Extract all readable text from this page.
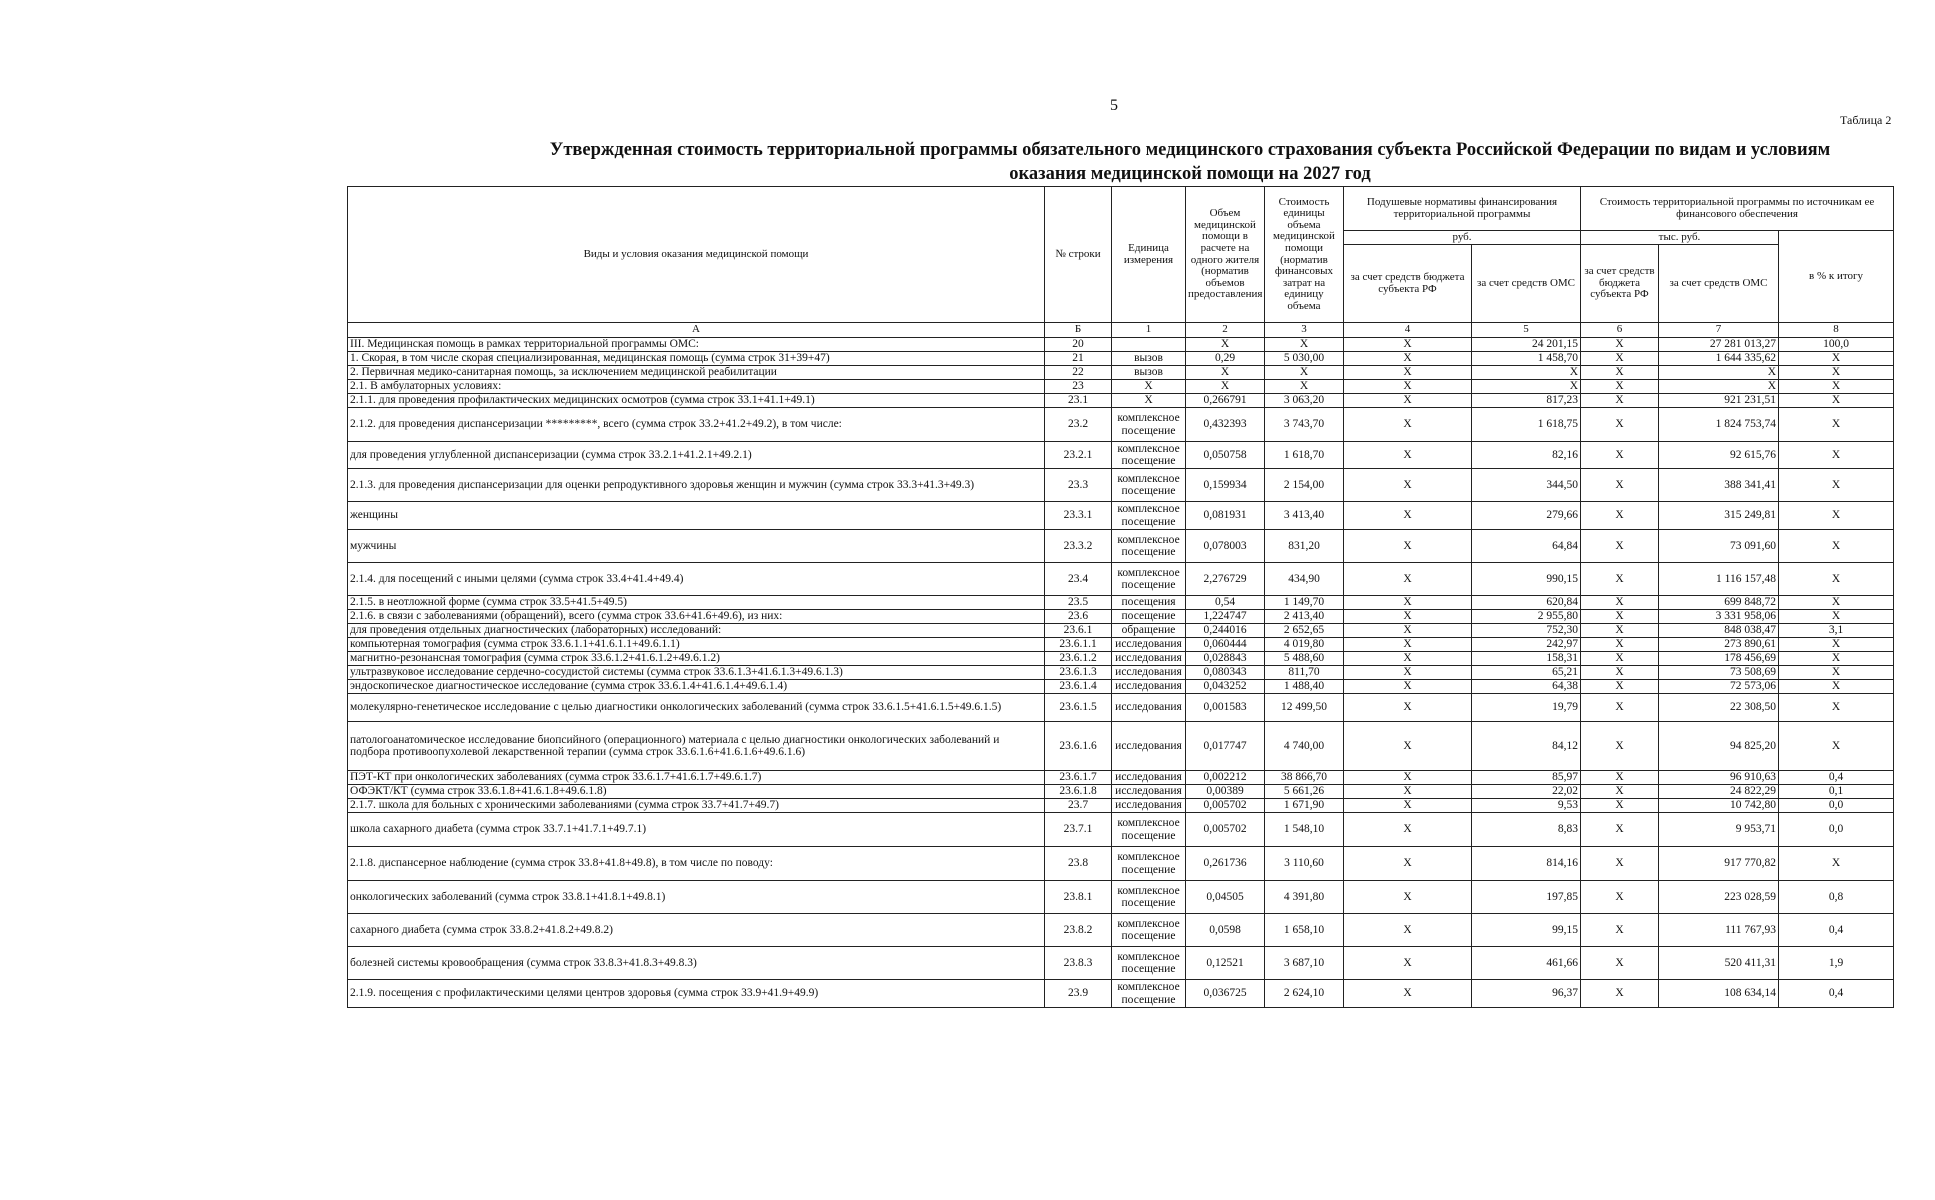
5
Таблица 2
Утвержденная стоимость территориальной программы обязательного медицинского страхования субъекта Российской Федерации по видам и условиям
оказания медицинской помощи на 2027 год
Виды и условия оказания медицинской помощи	№ строки	Единица измерения	Объем медицинской помощи в расчете на одного жителя (норматив объемов предоставления	Стоимость единицы объема медицинской помощи (норматив финансовых затрат на единицу объема	Подушевые нормативы финансирования территориальной программы		Стоимость территориальной программы по источникам ее финансового обеспечения		
					руб.		тыс. руб.		в % к итогу
					за счет средств бюджета субъекта РФ	за счет средств ОМС	за счет средств бюджета субъекта РФ	за счет средств ОМС	
А	Б	1	2	3	4	5	6	7	8
III. Медицинская помощь в рамках территориальной программы ОМС:	20		X	X	X	24 201,15	X	27 281 013,27	100,0
1. Скорая, в том числе скорая специализированная, медицинская помощь (сумма строк 31+39+47)	21	вызов	0,29	5 030,00	X	1 458,70	X	1 644 335,62	X
2. Первичная медико-санитарная помощь, за исключением медицинской реабилитации	22	вызов	X	X	X	X	X	X	X
2.1. В амбулаторных условиях:	23	X	X	X	X	X	X	X	X
2.1.1. для проведения профилактических медицинских осмотров (сумма строк 33.1+41.1+49.1)	23.1	X	0,266791	3 063,20	X	817,23	X	921 231,51	X
2.1.2. для проведения диспансеризации *********, всего (сумма строк 33.2+41.2+49.2), в том числе:	23.2	комплексное посещение	0,432393	3 743,70	X	1 618,75	X	1 824 753,74	X
для проведения углубленной диспансеризации (сумма строк 33.2.1+41.2.1+49.2.1)	23.2.1	комплексное посещение	0,050758	1 618,70	X	82,16	X	92 615,76	X
2.1.3. для проведения диспансеризации для оценки репродуктивного здоровья женщин и мужчин (сумма строк 33.3+41.3+49.3)	23.3	комплексное посещение	0,159934	2 154,00	X	344,50	X	388 341,41	X
женщины	23.3.1	комплексное посещение	0,081931	3 413,40	X	279,66	X	315 249,81	X
мужчины	23.3.2	комплексное посещение	0,078003	831,20	X	64,84	X	73 091,60	X
2.1.4. для посещений с иными целями (сумма строк 33.4+41.4+49.4)	23.4	комплексное посещение	2,276729	434,90	X	990,15	X	1 116 157,48	X
2.1.5. в неотложной форме (сумма строк 33.5+41.5+49.5)	23.5	посещения	0,54	1 149,70	X	620,84	X	699 848,72	X
2.1.6. в связи с заболеваниями (обращений), всего (сумма строк 33.6+41.6+49.6), из них:	23.6	посещение	1,224747	2 413,40	X	2 955,80	X	3 331 958,06	X
для проведения отдельных диагностических (лабораторных) исследований:	23.6.1	обращение	0,244016	2 652,65	X	752,30	X	848 038,47	3,1
компьютерная томография (сумма строк 33.6.1.1+41.6.1.1+49.6.1.1)	23.6.1.1	исследования	0,060444	4 019,80	X	242,97	X	273 890,61	X
магнитно-резонансная томография (сумма строк 33.6.1.2+41.6.1.2+49.6.1.2)	23.6.1.2	исследования	0,028843	5 488,60	X	158,31	X	178 456,69	X
ультразвуковое исследование сердечно-сосудистой системы (сумма строк 33.6.1.3+41.6.1.3+49.6.1.3)	23.6.1.3	исследования	0,080343	811,70	X	65,21	X	73 508,69	X
эндоскопическое диагностическое исследование (сумма строк 33.6.1.4+41.6.1.4+49.6.1.4)	23.6.1.4	исследования	0,043252	1 488,40	X	64,38	X	72 573,06	X
молекулярно-генетическое исследование с целью диагностики онкологических заболеваний (сумма строк 33.6.1.5+41.6.1.5+49.6.1.5)	23.6.1.5	исследования	0,001583	12 499,50	X	19,79	X	22 308,50	X
патологоанатомическое исследование биопсийного (операционного) материала с целью диагностики онкологических заболеваний и подбора противоопухолевой лекарственной терапии (сумма строк 33.6.1.6+41.6.1.6+49.6.1.6)	23.6.1.6	исследования	0,017747	4 740,00	X	84,12	X	94 825,20	X
ПЭТ-КТ при онкологических заболеваниях (сумма строк 33.6.1.7+41.6.1.7+49.6.1.7)	23.6.1.7	исследования	0,002212	38 866,70	X	85,97	X	96 910,63	0,4
ОФЭКТ/КТ (сумма строк 33.6.1.8+41.6.1.8+49.6.1.8)	23.6.1.8	исследования	0,00389	5 661,26	X	22,02	X	24 822,29	0,1
2.1.7. школа для больных с хроническими заболеваниями (сумма строк 33.7+41.7+49.7)	23.7	исследования	0,005702	1 671,90	X	9,53	X	10 742,80	0,0
школа сахарного диабета (сумма строк 33.7.1+41.7.1+49.7.1)	23.7.1	комплексное посещение	0,005702	1 548,10	X	8,83	X	9 953,71	0,0
2.1.8. диспансерное наблюдение (сумма строк 33.8+41.8+49.8), в том числе по поводу:	23.8	комплексное посещение	0,261736	3 110,60	X	814,16	X	917 770,82	X
онкологических заболеваний (сумма строк 33.8.1+41.8.1+49.8.1)	23.8.1	комплексное посещение	0,04505	4 391,80	X	197,85	X	223 028,59	0,8
сахарного диабета (сумма строк 33.8.2+41.8.2+49.8.2)	23.8.2	комплексное посещение	0,0598	1 658,10	X	99,15	X	111 767,93	0,4
болезней системы кровообращения (сумма строк 33.8.3+41.8.3+49.8.3)	23.8.3	комплексное посещение	0,12521	3 687,10	X	461,66	X	520 411,31	1,9
2.1.9. посещения с профилактическими целями центров здоровья (сумма строк 33.9+41.9+49.9)	23.9	комплексное посещение	0,036725	2 624,10	X	96,37	X	108 634,14	0,4
